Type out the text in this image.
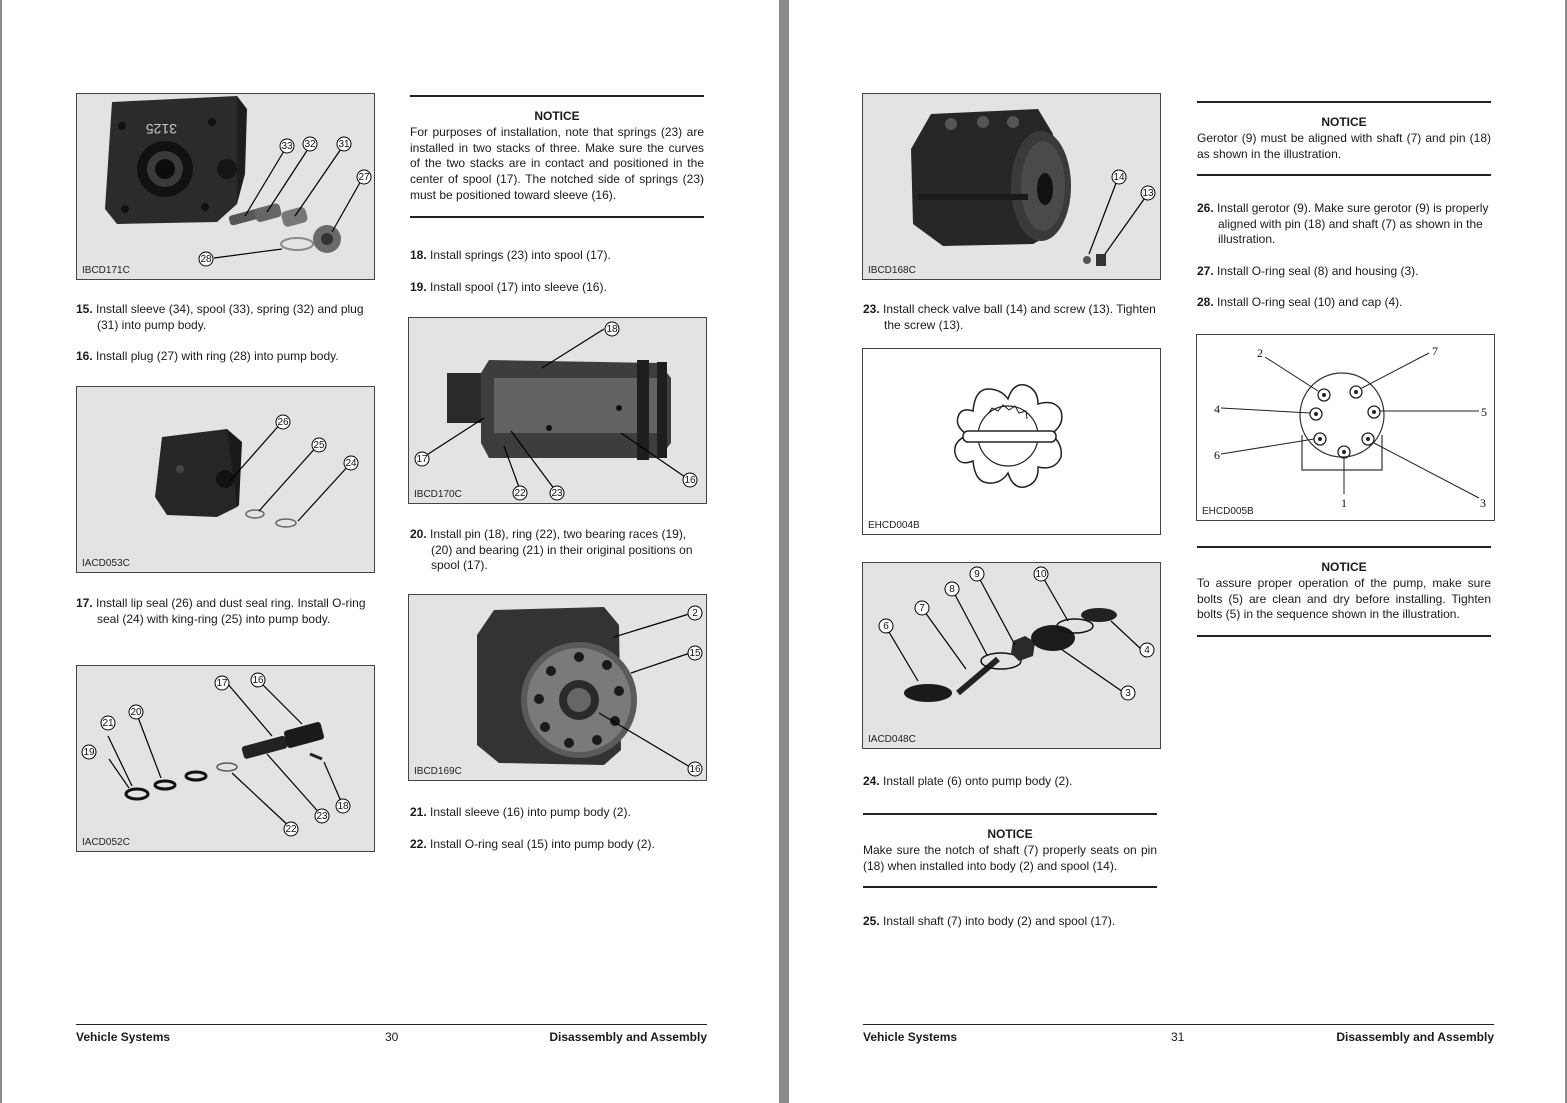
3125
33 32 31
27
28
IBCD171C
15. Install sleeve (34), spool (33), spring (32) and plug (31) into pump body.
16. Install plug (27) with ring (28) into pump body.
26
25
24
IACD053C
17. Install lip seal (26) and dust seal ring. Install O-ring seal (24) with king-ring (25) into pump body.
17 16
21
20
19
18
23
22
IACD052C
NOTICE
For purposes of installation, note that springs (23) are installed in two stacks of three. Make sure the curves of the two stacks are in contact and positioned in the center of spool (17). The notched side of springs (23) must be positioned toward sleeve (16).
18. Install springs (23) into spool (17).
19. Install spool (17) into sleeve (16).
18
17
16
22	23
IBCD170C
20. Install pin (18), ring (22), two bearing races (19), (20) and bearing (21) in their original positions on spool (17).
2
15
16
IBCD169C
21. Install sleeve (16) into pump body (2).
22. Install O-ring seal (15) into pump body (2).
Vehicle Systems	30	Disassembly and Assembly
14
13
IBCD168C
23. Install check valve ball (14) and screw (13). Tighten the screw (13).
EHCD004B
9	10
8
7
6
4
3
IACD048C
24. Install plate (6) onto pump body (2).
NOTICE
Make sure the notch of shaft (7) properly seats on pin (18) when installed into body (2) and spool (14).
25. Install shaft (7) into body (2) and spool (17).
NOTICE
Gerotor (9) must be aligned with shaft (7) and pin (18) as shown in the illustration.
26. Install gerotor (9). Make sure gerotor (9) is properly aligned with pin (18) and shaft (7) as shown in the illustration.
27. Install O-ring seal (8) and housing (3).
28. Install O-ring seal (10) and cap (4).
2	7
4	5
6
1	3
EHCD005B
NOTICE
To assure proper operation of the pump, make sure bolts (5) are clean and dry before installing. Tighten bolts (5) in the sequence shown in the illustration.
Vehicle Systems	31	Disassembly and Assembly
